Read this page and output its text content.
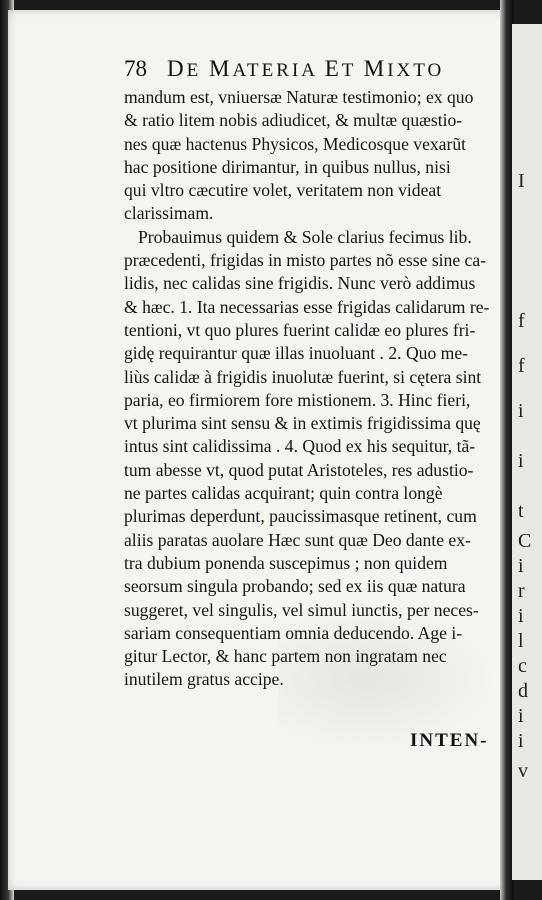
I
f
f
i
i
t
C
i
r
i
l
c
d
i
i
v
78 DE MATERIA ET MIXTO
mandum est, vniuersæ Naturæ testimonio; ex quo
& ratio litem nobis adiudicet, & multæ quæstio-
nes quæ hactenus Physicos, Medicosque vexarũt
hac positione dirimantur, in quibus nullus, nisi
qui vltro cæcutire volet, veritatem non videat
clarissimam.
Probauimus quidem & Sole clarius fecimus lib.
præcedenti, frigidas in misto partes nõ esse sine ca-
lidis, nec calidas sine frigidis. Nunc verò addimus
& hæc. 1. Ita necessarias esse frigidas calidarum re-
tentioni, vt quo plures fuerint calidæ eo plures fri-
gidę requirantur quæ illas inuoluant . 2. Quo me-
liùs calidæ à frigidis inuolutæ fuerint, si cętera sint
paria, eo firmiorem fore mistionem. 3. Hinc fieri,
vt plurima sint sensu & in extimis frigidissima quę
intus sint calidissima . 4. Quod ex his sequitur, tã-
tum abesse vt, quod putat Aristoteles, res adustio-
ne partes calidas acquirant; quin contra longè
plurimas deperdunt, paucissimasque retinent, cum
aliis paratas auolare Hæc sunt quæ Deo dante ex-
tra dubium ponenda suscepimus ; non quidem
seorsum singula probando; sed ex iis quæ natura
suggeret, vel singulis, vel simul iunctis, per neces-
sariam consequentiam omnia deducendo. Age i-
gitur Lector, & hanc partem non ingratam nec
inutilem gratus accipe.
INTEN-
